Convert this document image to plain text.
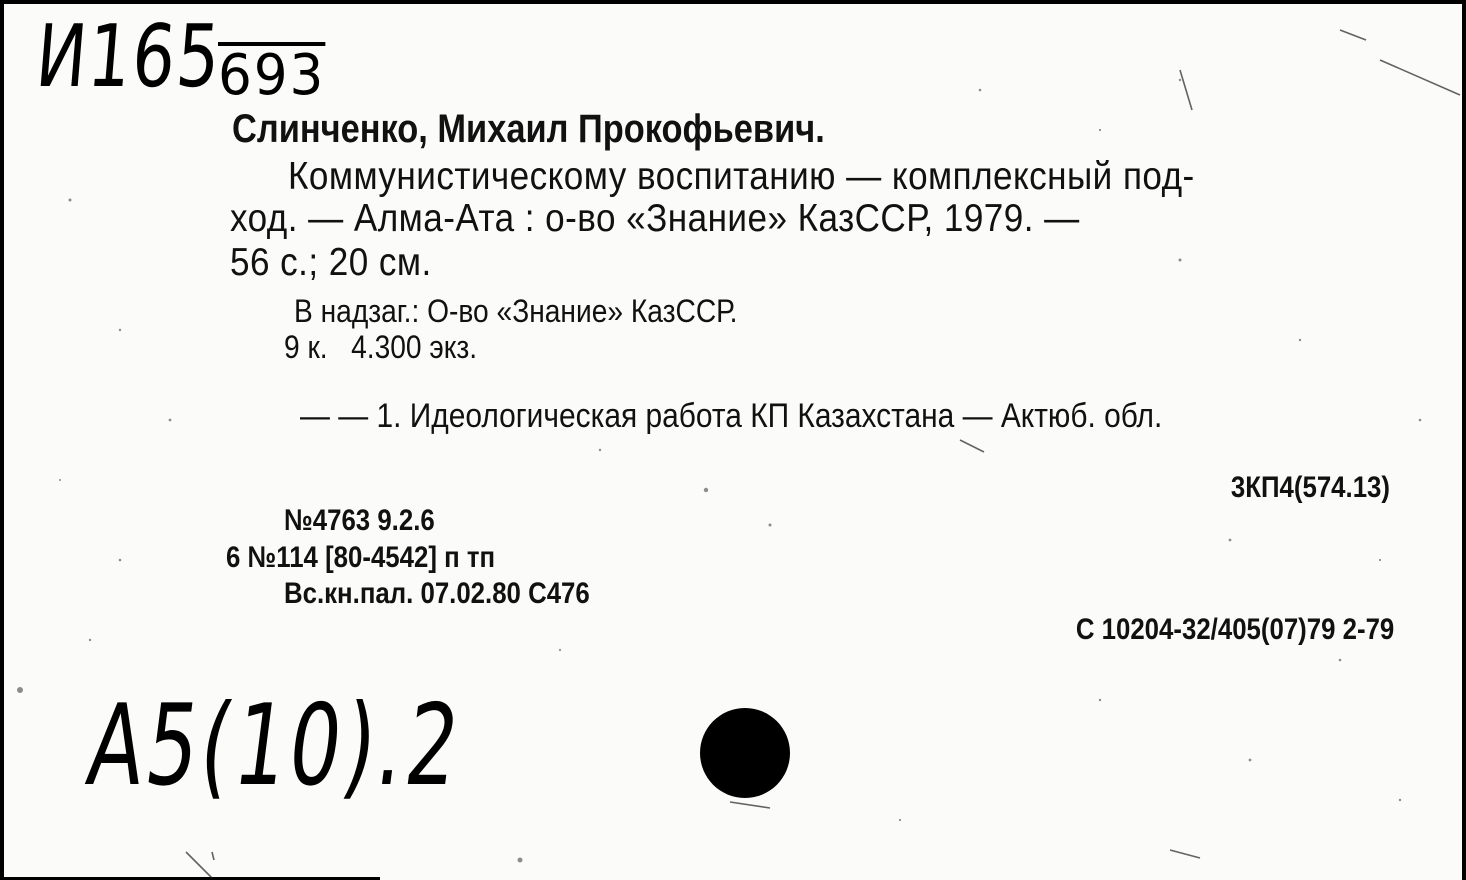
И165
693
Слинченко, Михаил Прокофьевич.
Коммунистическому воспитанию — комплексный под-
ход. — Алма-Ата : о-во «Знание» КазССР, 1979. —
56 с.; 20 см.
В надзаг.: О-во «Знание» КазССР.
9 к.   4.300 экз.
— — 1. Идеологическая работа КП Казахстана — Актюб. обл.
3КП4(574.13)
№4763 9.2.6
6 №114 [80-4542] п тп
Вс.кн.пал. 07.02.80 С476
С 10204-32/405(07)79 2-79
А5(10).2
